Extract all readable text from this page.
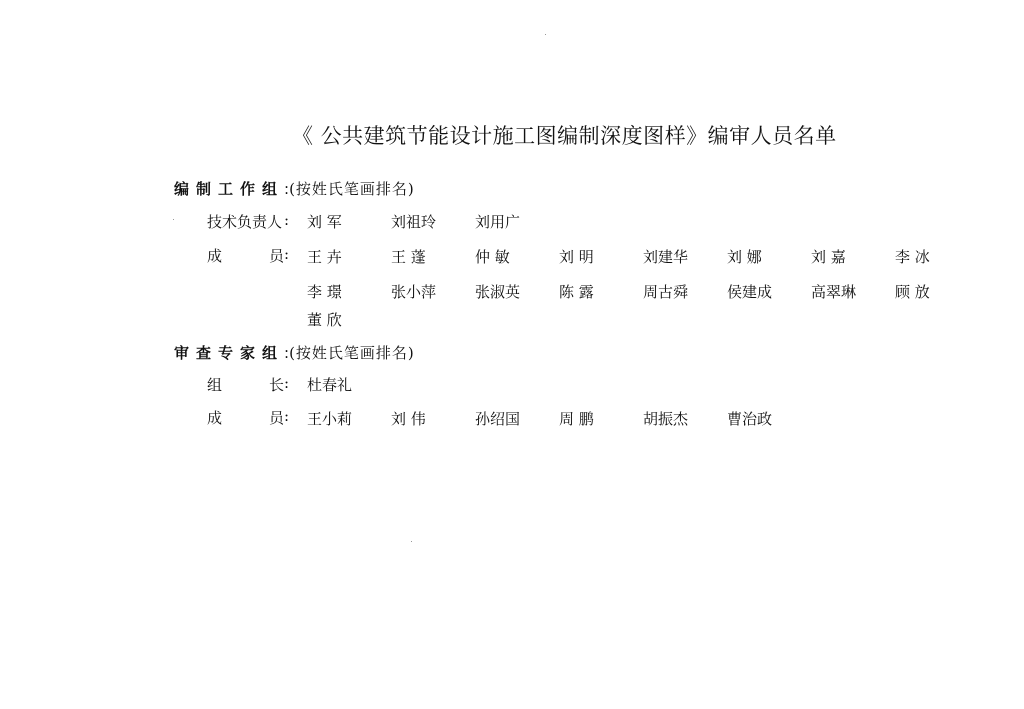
《 公共建筑节能设计施工图编制深度图样》编审人员名单
编制工作组:(按姓氏笔画排名)
技术负责人 : 刘 军	刘祖玲	刘用广
成	员 : 王 卉	王 蓬	仲 敏	刘 明	刘建华	刘 娜	刘 嘉	李 冰
李 璟	张小萍	张淑英	陈 露	周古舜	侯建成	高翠琳	顾 放
董 欣
审查专家组:(按姓氏笔画排名)
组	长 : 杜春礼
成	员 : 王小莉	刘 伟	孙绍国	周 鹏	胡振杰	曹治政
